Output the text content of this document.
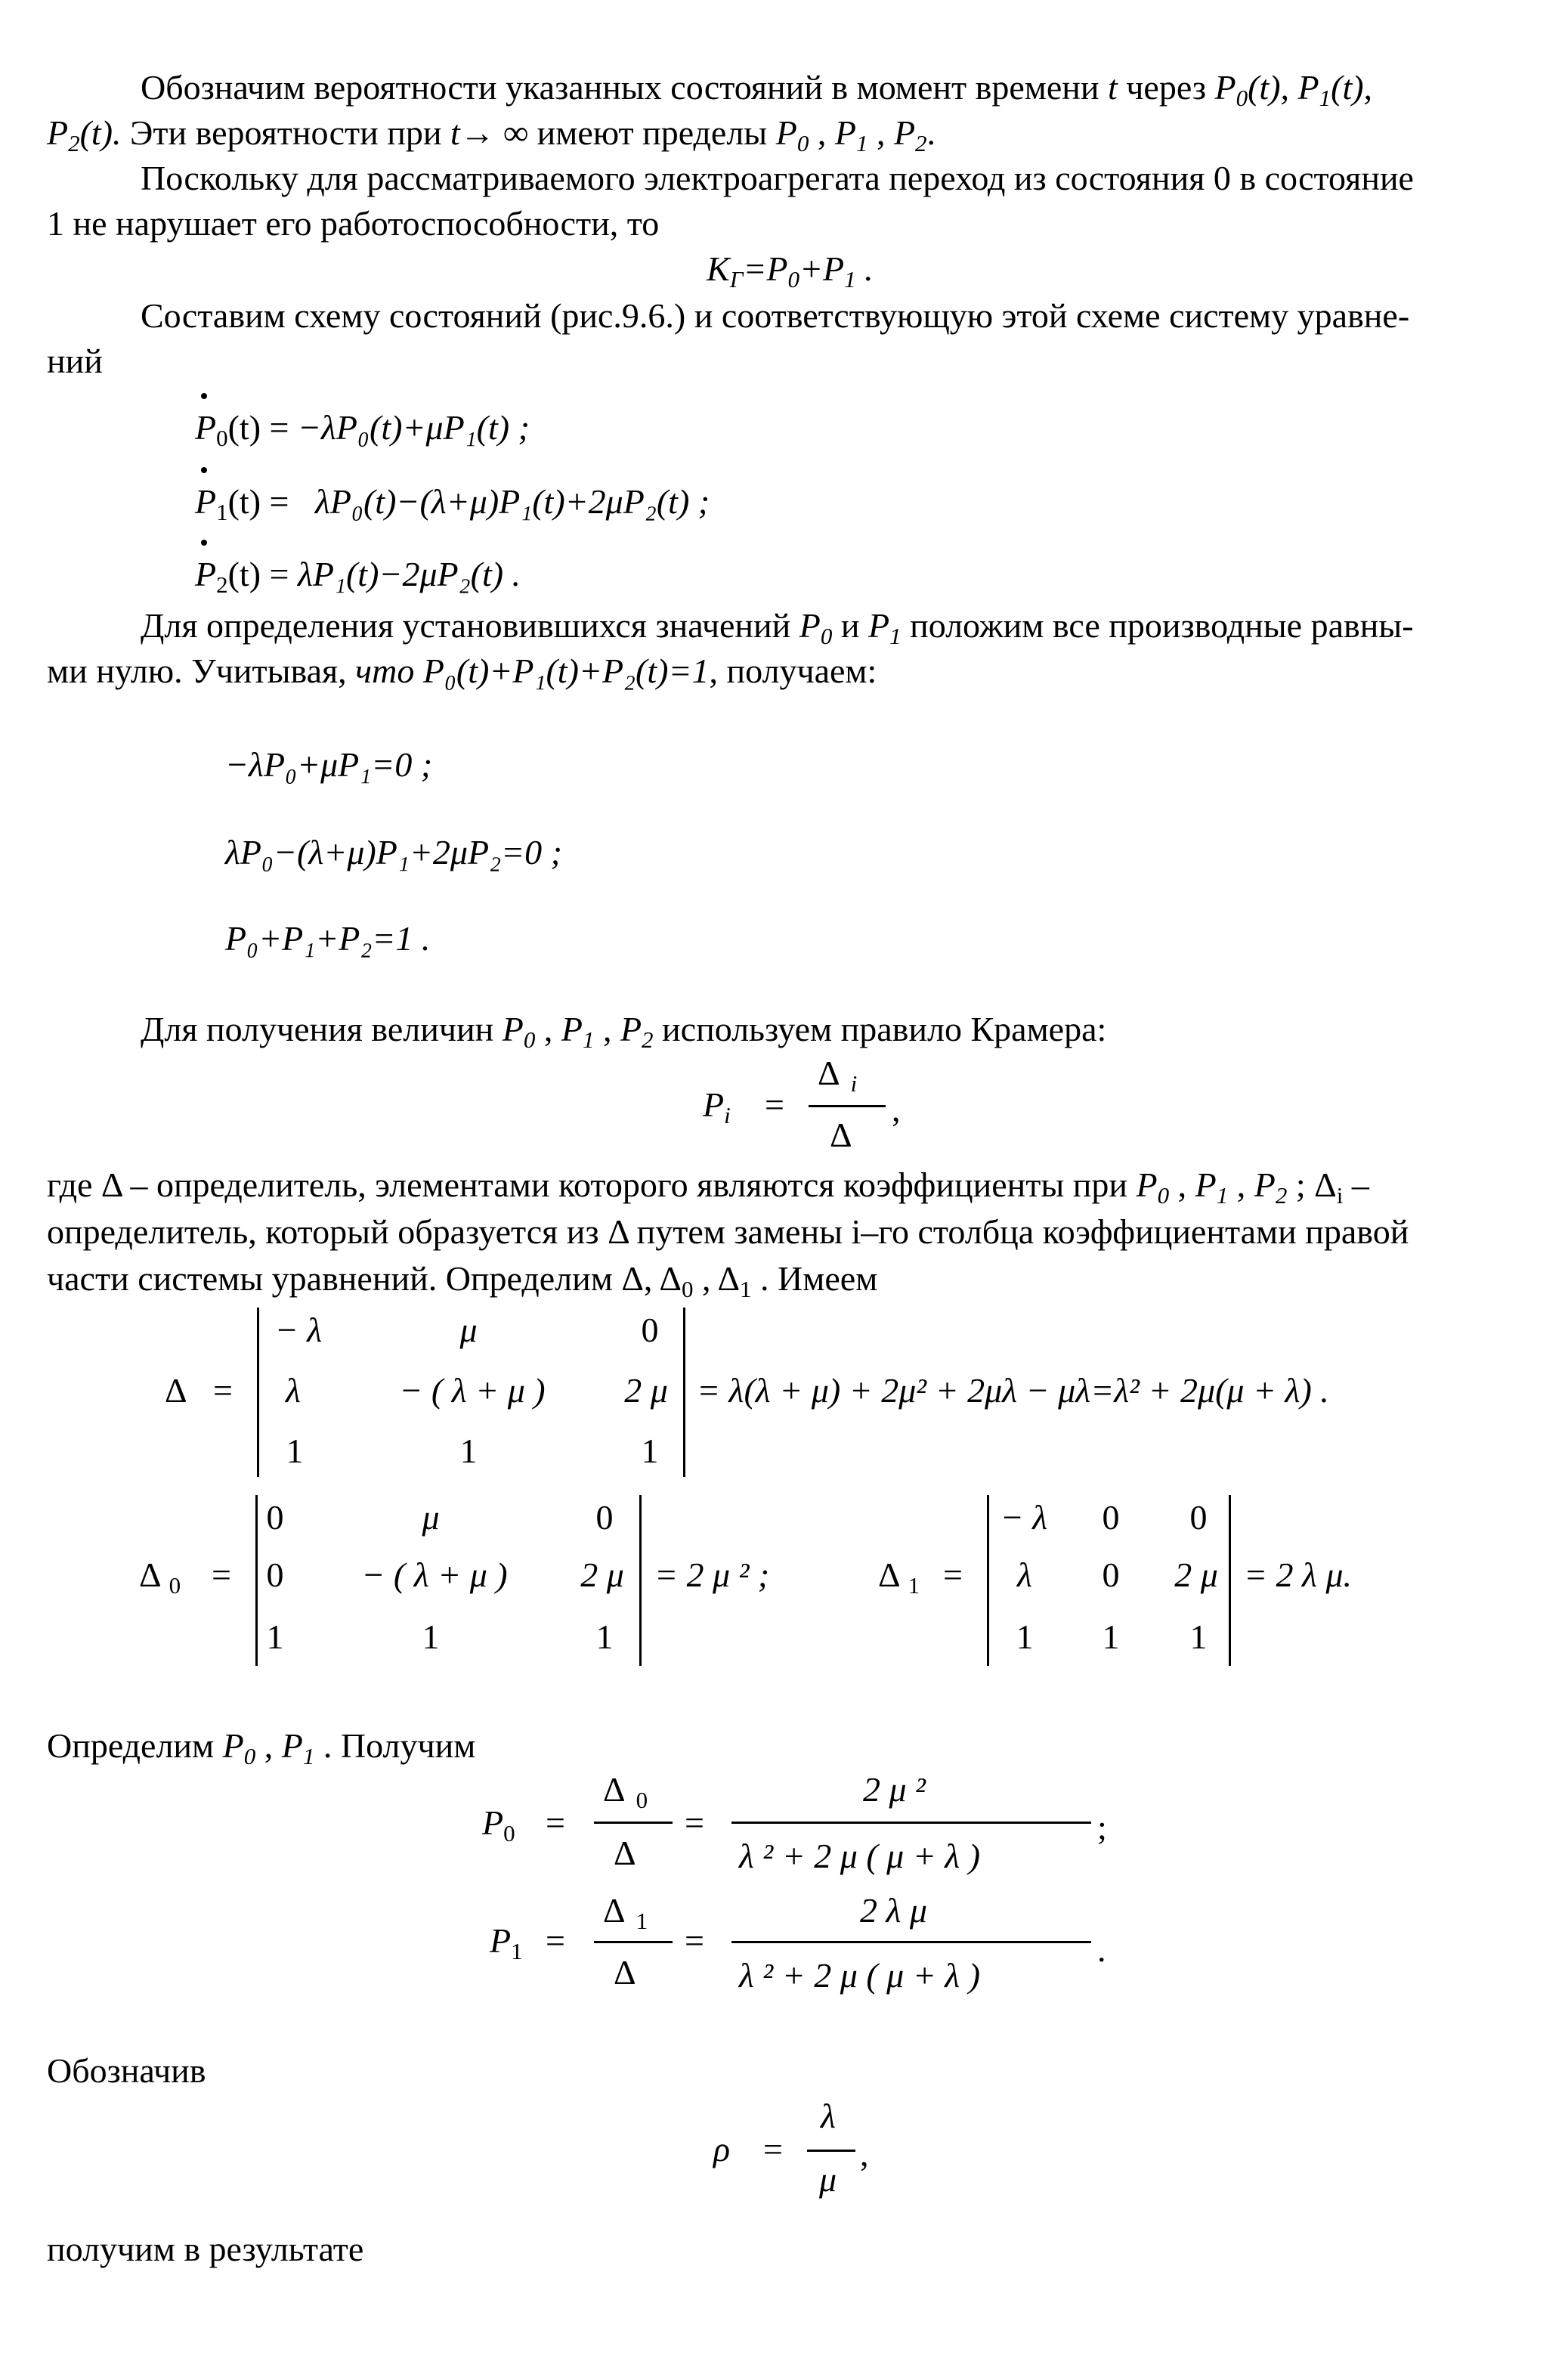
Обозначим вероятности указанных состояний в момент времени t через P0(t), P1(t),
P2(t). Эти вероятности при t→ ∞ имеют пределы P0 , P1 , P2.
Поскольку для рассматриваемого электроагрегата переход из состояния 0 в состояние
1 не нарушает его работоспособности, то
KГ=P0+P1 .
Составим схему состояний (рис.9.6.) и соответствующую этой схеме систему уравне-
ний
P0(t) = −λP₀(t)+μP₁(t) ;
P1(t) = λP₀(t)−(λ+μ)P₁(t)+2μP₂(t) ;
P2(t) = λP₁(t)−2μP₂(t) .
Для определения установившихся значений P0 и P1 положим все производные равны-
ми нулю. Учитывая, что P₀(t)+P₁(t)+P₂(t)=1, получаем:
−λP₀+μP₁=0 ;
λP₀−(λ+μ)P₁+2μP₂=0 ;
P₀+P₁+P₂=1 .
Для получения величин P0 , P1 , P2 используем правило Крамера:
Pi =
Δ i
Δ
,
где Δ – определитель, элементами которого являются коэффициенты при P0 , P1 , P2 ; Δi –
определитель, который образуется из Δ путем замены i–го столбца коэффициентами правой
части системы уравнений. Определим Δ, Δ0 , Δ1 . Имеем
Δ =
− λ	μ	0
λ	− ( λ + μ )	2 μ
1	1	1
= λ(λ + μ) + 2μ² + 2μλ − μλ=λ² + 2μ(μ + λ) .
Δ 0 =
0	μ	0
0	− ( λ + μ )	2 μ
1	1	1
= 2 μ ² ;	Δ 1 =
− λ	0	0
λ	0	2 μ
1	1	1
= 2 λ μ.
Определим P0 , P1 . Получим
P0 =
Δ 0
Δ
=
2 μ ²
λ ² + 2 μ ( μ + λ )
;
P1 =
Δ 1
Δ
=
2 λ μ
λ ² + 2 μ ( μ + λ )
.
Обозначив
ρ =
λ
μ
,
получим в результате
